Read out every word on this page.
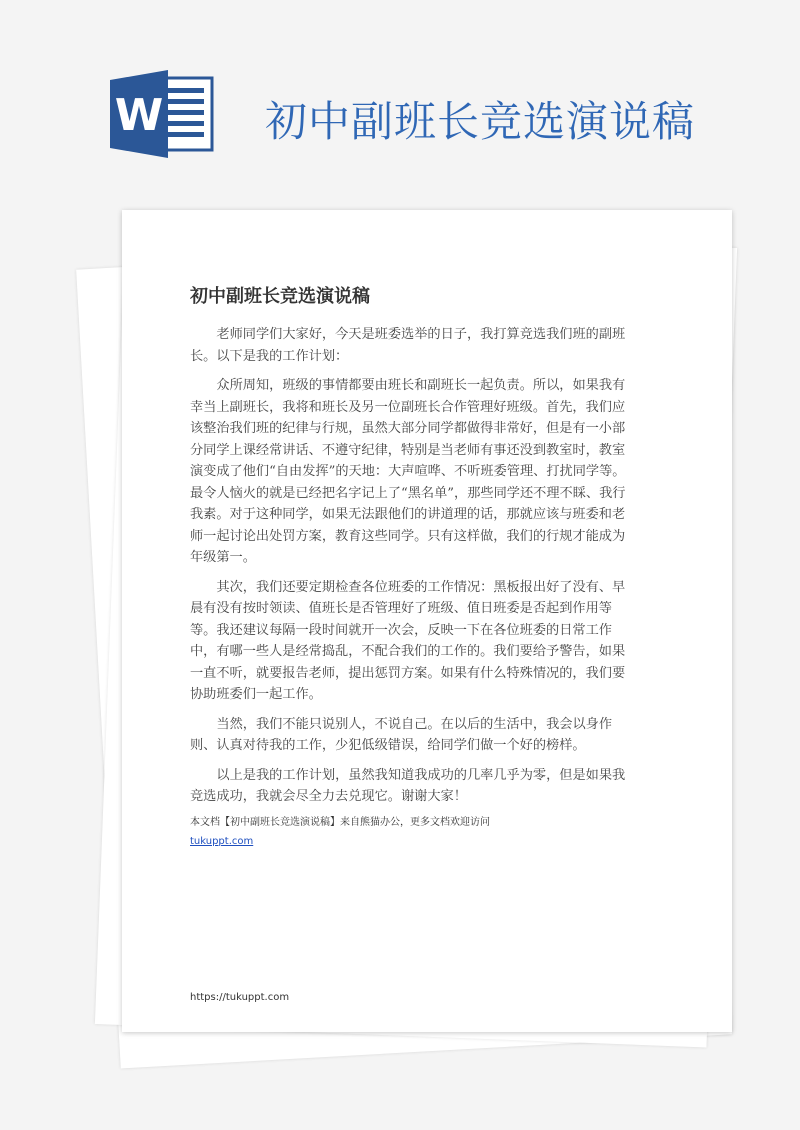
W 初中副班长竞选演说稿
初中副班长竞选演说稿

老师同学们大家好，今天是班委选举的日子，我打算竞选我们班的副班长。以下是我的工作计划：

众所周知，班级的事情都要由班长和副班长一起负责。所以，如果我有幸当上副班长，我将和班长及另一位副班长合作管理好班级。首先，我们应该整治我们班的纪律与行规，虽然大部分同学都做得非常好，但是有一小部分同学上课经常讲话、不遵守纪律，特别是当老师有事还没到教室时，教室演变成了他们“自由发挥”的天地：大声喧哗、不听班委管理、打扰同学等。最令人恼火的就是已经把名字记上了“黑名单”，那些同学还不理不睬、我行我素。对于这种同学，如果无法跟他们的讲道理的话，那就应该与班委和老师一起讨论出处罚方案，教育这些同学。只有这样做，我们的行规才能成为年级第一。

其次，我们还要定期检查各位班委的工作情况：黑板报出好了没有、早晨有没有按时领读、值班长是否管理好了班级、值日班委是否起到作用等等。我还建议每隔一段时间就开一次会，反映一下在各位班委的日常工作中，有哪一些人是经常捣乱，不配合我们的工作的。我们要给予警告，如果一直不听，就要报告老师，提出惩罚方案。如果有什么特殊情况的，我们要协助班委们一起工作。

当然，我们不能只说别人，不说自己。在以后的生活中，我会以身作则、认真对待我的工作，少犯低级错误，给同学们做一个好的榜样。

以上是我的工作计划，虽然我知道我成功的几率几乎为零，但是如果我竞选成功，我就会尽全力去兑现它。谢谢大家！

本文档【初中副班长竞选演说稿】来自熊猫办公，更多文档欢迎访问
tukuppt.com
https://tukuppt.com
